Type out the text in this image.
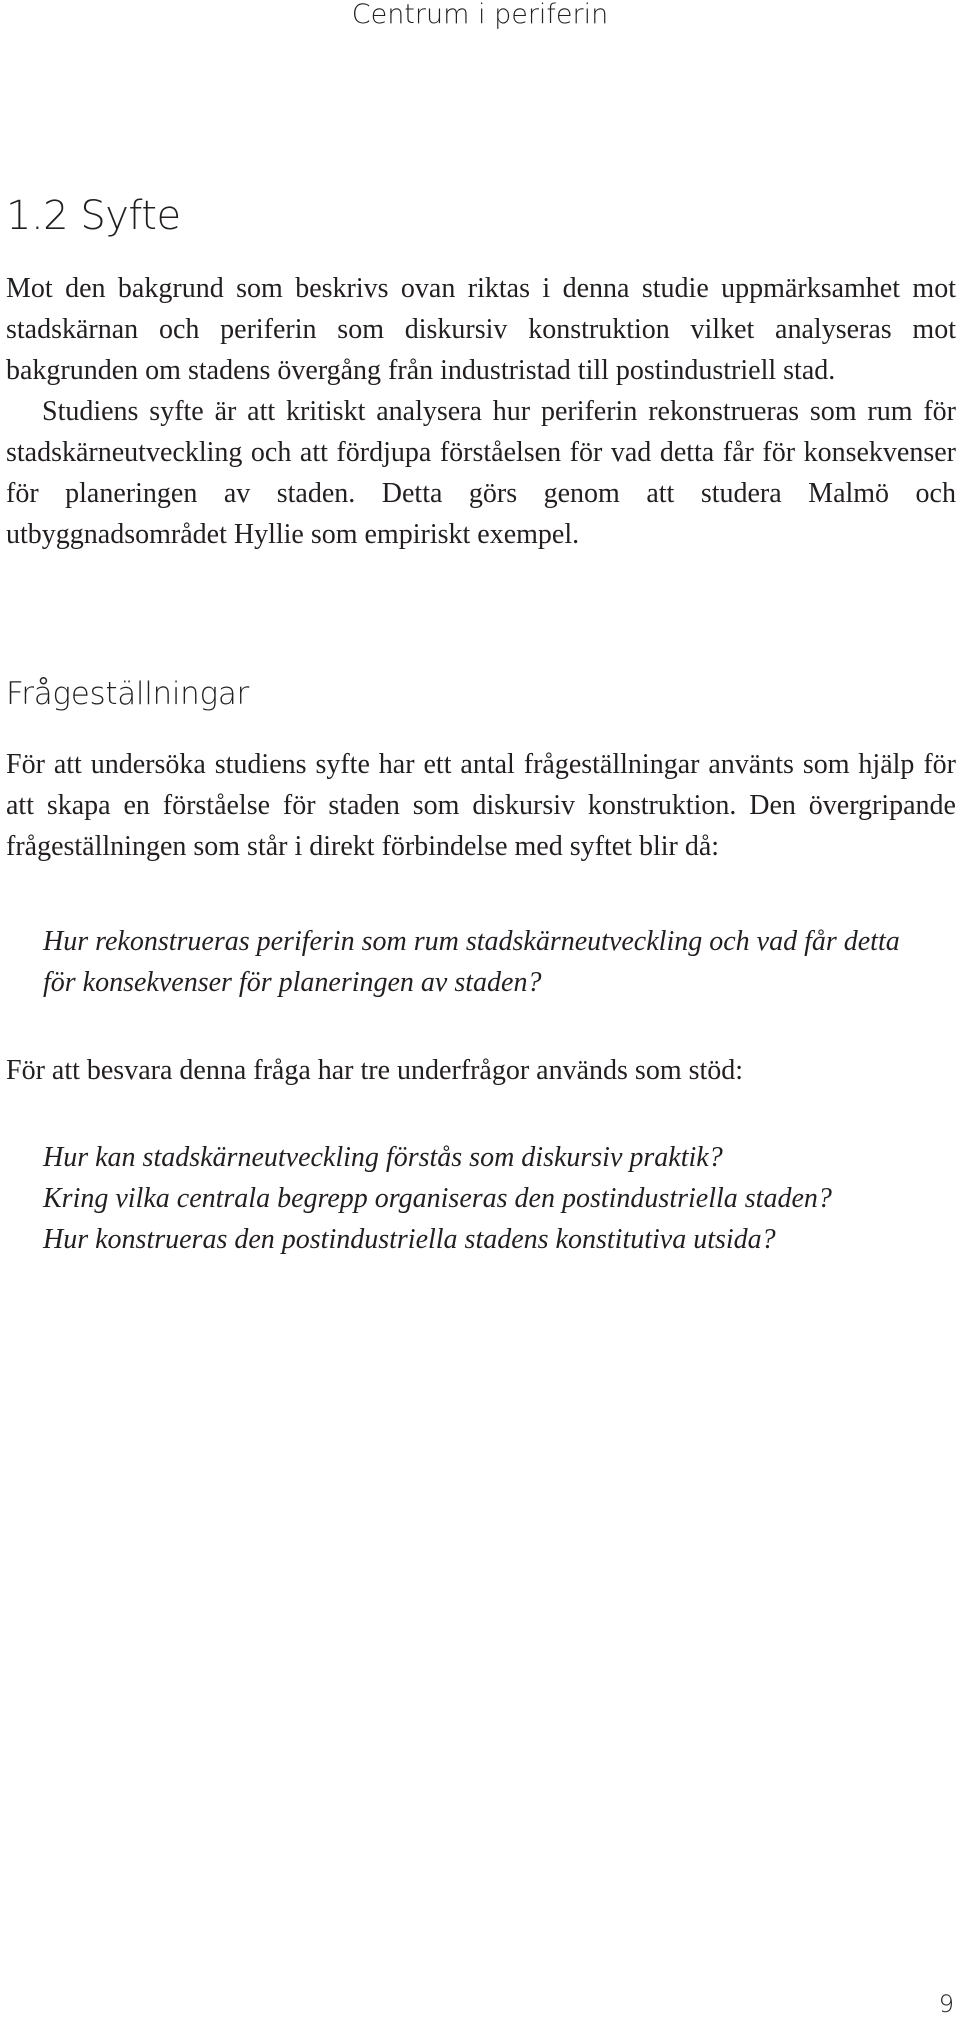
Centrum i periferin
1.2 Syfte

Mot den bakgrund som beskrivs ovan riktas i denna studie uppmärksamhet mot stadskärnan och periferin som diskursiv konstruktion vilket analyseras mot bakgrunden om stadens övergång från industristad till postindustriell stad.
Studiens syfte är att kritiskt analysera hur periferin rekonstrueras som rum för stadskärneutveckling och att fördjupa förståelsen för vad detta får för konsekvenser för planeringen av staden. Detta görs genom att studera Malmö och utbyggnadsområdet Hyllie som empiriskt exempel.

Frågeställningar

För att undersöka studiens syfte har ett antal frågeställningar använts som hjälp för att skapa en förståelse för staden som diskursiv konstruktion. Den övergripande frågeställningen som står i direkt förbindelse med syftet blir då:

Hur rekonstrueras periferin som rum stadskärneutveckling och vad får detta
för konsekvenser för planeringen av staden?

För att besvara denna fråga har tre underfrågor används som stöd:

Hur kan stadskärneutveckling förstås som diskursiv praktik?
Kring vilka centrala begrepp organiseras den postindustriella staden?
Hur konstrueras den postindustriella stadens konstitutiva utsida?
9
